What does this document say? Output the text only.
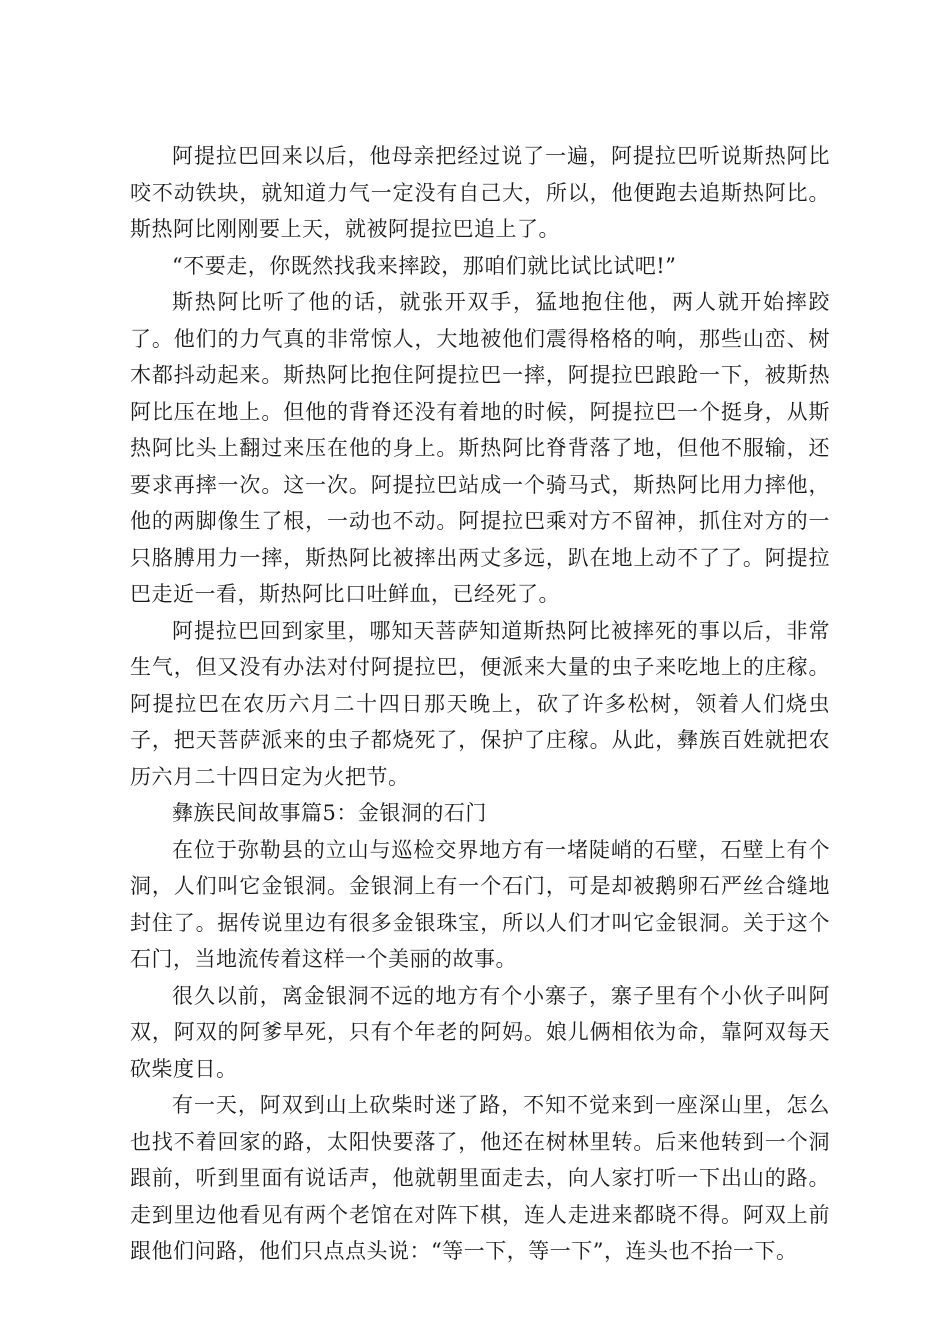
阿提拉巴回来以后，他母亲把经过说了一遍，阿提拉巴听说斯热阿比咬不动铁块，就知道力气一定没有自己大，所以，他便跑去追斯热阿比。斯热阿比刚刚要上天，就被阿提拉巴追上了。

“不要走，你既然找我来摔跤，那咱们就比试比试吧!”

斯热阿比听了他的话，就张开双手，猛地抱住他，两人就开始摔跤了。他们的力气真的非常惊人，大地被他们震得格格的响，那些山峦、树木都抖动起来。斯热阿比抱住阿提拉巴一摔，阿提拉巴踉跄一下，被斯热阿比压在地上。但他的背脊还没有着地的时候，阿提拉巴一个挺身，从斯热阿比头上翻过来压在他的身上。斯热阿比脊背落了地，但他不服输，还要求再摔一次。这一次。阿提拉巴站成一个骑马式，斯热阿比用力摔他，他的两脚像生了根，一动也不动。阿提拉巴乘对方不留神，抓住对方的一只胳膊用力一摔，斯热阿比被摔出两丈多远，趴在地上动不了了。阿提拉巴走近一看，斯热阿比口吐鲜血，已经死了。

阿提拉巴回到家里，哪知天菩萨知道斯热阿比被摔死的事以后，非常生气，但又没有办法对付阿提拉巴，便派来大量的虫子来吃地上的庄稼。阿提拉巴在农历六月二十四日那天晚上，砍了许多松树，领着人们烧虫子，把天菩萨派来的虫子都烧死了，保护了庄稼。从此，彝族百姓就把农历六月二十四日定为火把节。

彝族民间故事篇5：金银洞的石门

在位于弥勒县的立山与巡检交界地方有一堵陡峭的石壁，石壁上有个洞，人们叫它金银洞。金银洞上有一个石门，可是却被鹅卵石严丝合缝地封住了。据传说里边有很多金银珠宝，所以人们才叫它金银洞。关于这个石门，当地流传着这样一个美丽的故事。

很久以前，离金银洞不远的地方有个小寨子，寨子里有个小伙子叫阿双，阿双的阿爹早死，只有个年老的阿妈。娘儿俩相依为命，靠阿双每天砍柴度日。

有一天，阿双到山上砍柴时迷了路，不知不觉来到一座深山里，怎么也找不着回家的路，太阳快要落了，他还在树林里转。后来他转到一个洞跟前，听到里面有说话声，他就朝里面走去，向人家打听一下出山的路。走到里边他看见有两个老馆在对阵下棋，连人走进来都晓不得。阿双上前跟他们问路，他们只点点头说：“等一下，等一下”，连头也不抬一下。
